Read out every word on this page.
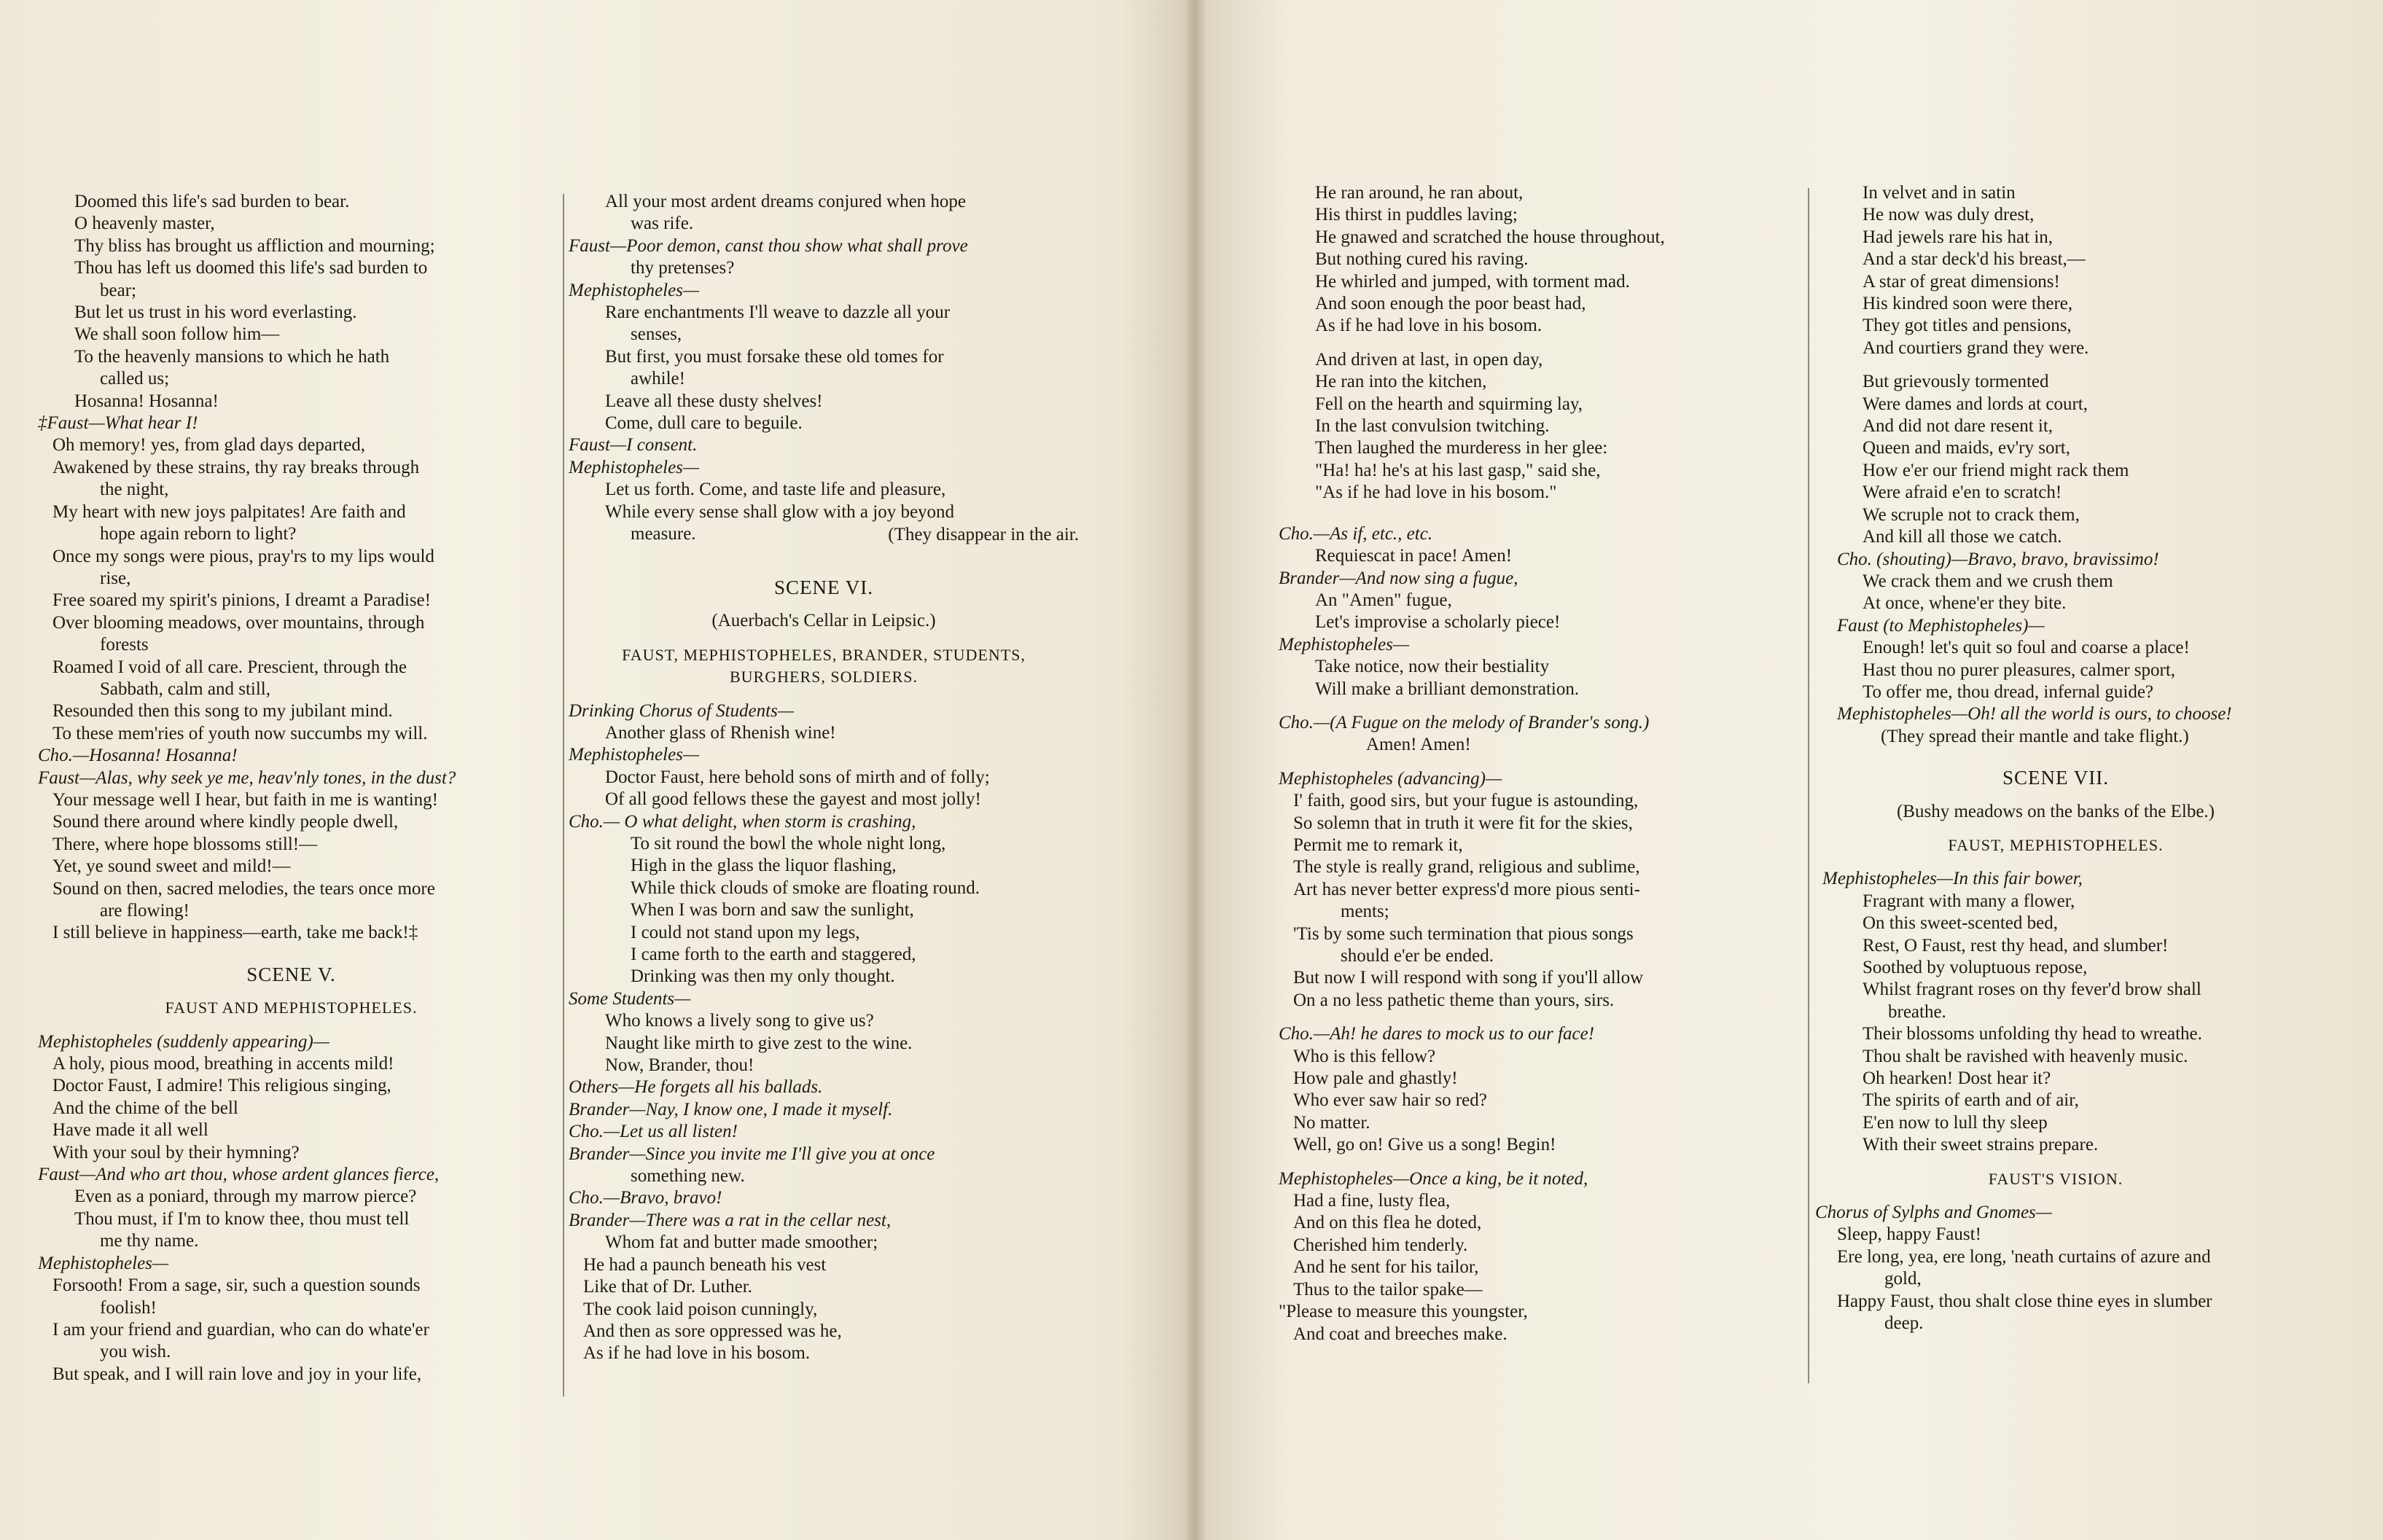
Doomed this life's sad burden to bear.
O heavenly master,
Thy bliss has brought us affliction and mourning;
Thou has left us doomed this life's sad burden to
bear;
But let us trust in his word everlasting.
We shall soon follow him—
To the heavenly mansions to which he hath
called us;
Hosanna! Hosanna!
‡Faust—What hear I!
Oh memory! yes, from glad days departed,
Awakened by these strains, thy ray breaks through
the night,
My heart with new joys palpitates! Are faith and
hope again reborn to light?
Once my songs were pious, pray'rs to my lips would
rise,
Free soared my spirit's pinions, I dreamt a Paradise!
Over blooming meadows, over mountains, through
forests
Roamed I void of all care. Prescient, through the
Sabbath, calm and still,
Resounded then this song to my jubilant mind.
To these mem'ries of youth now succumbs my will.
Cho.—Hosanna! Hosanna!
Faust—Alas, why seek ye me, heav'nly tones, in the dust?
Your message well I hear, but faith in me is wanting!
Sound there around where kindly people dwell,
There, where hope blossoms still!—
Yet, ye sound sweet and mild!—
Sound on then, sacred melodies, the tears once more
are flowing!
I still believe in happiness—earth, take me back!‡
SCENE V.
FAUST AND MEPHISTOPHELES.
Mephistopheles (suddenly appearing)—
A holy, pious mood, breathing in accents mild!
Doctor Faust, I admire! This religious singing,
And the chime of the bell
Have made it all well
With your soul by their hymning?
Faust—And who art thou, whose ardent glances fierce,
Even as a poniard, through my marrow pierce?
Thou must, if I'm to know thee, thou must tell
me thy name.
Mephistopheles—
Forsooth! From a sage, sir, such a question sounds
foolish!
I am your friend and guardian, who can do whate'er
you wish.
But speak, and I will rain love and joy in your life,
All your most ardent dreams conjured when hope
was rife.
Faust—Poor demon, canst thou show what shall prove
thy pretenses?
Mephistopheles—
Rare enchantments I'll weave to dazzle all your
senses,
But first, you must forsake these old tomes for
awhile!
Leave all these dusty shelves!
Come, dull care to beguile.
Faust—I consent.
Mephistopheles—
Let us forth. Come, and taste life and pleasure,
While every sense shall glow with a joy beyond
measure.	(They disappear in the air.
SCENE VI.
(Auerbach's Cellar in Leipsic.)
FAUST, MEPHISTOPHELES, BRANDER, STUDENTS,
BURGHERS, SOLDIERS.
Drinking Chorus of Students—
Another glass of Rhenish wine!
Mephistopheles—
Doctor Faust, here behold sons of mirth and of folly;
Of all good fellows these the gayest and most jolly!
Cho.— O what delight, when storm is crashing,
To sit round the bowl the whole night long,
High in the glass the liquor flashing,
While thick clouds of smoke are floating round.
When I was born and saw the sunlight,
I could not stand upon my legs,
I came forth to the earth and staggered,
Drinking was then my only thought.
Some Students—
Who knows a lively song to give us?
Naught like mirth to give zest to the wine.
Now, Brander, thou!
Others—He forgets all his ballads.
Brander—Nay, I know one, I made it myself.
Cho.—Let us all listen!
Brander—Since you invite me I'll give you at once
something new.
Cho.—Bravo, bravo!
Brander—There was a rat in the cellar nest,
Whom fat and butter made smoother;
He had a paunch beneath his vest
Like that of Dr. Luther.
The cook laid poison cunningly,
And then as sore oppressed was he,
As if he had love in his bosom.
He ran around, he ran about,
His thirst in puddles laving;
He gnawed and scratched the house throughout,
But nothing cured his raving.
He whirled and jumped, with torment mad.
And soon enough the poor beast had,
As if he had love in his bosom.
And driven at last, in open day,
He ran into the kitchen,
Fell on the hearth and squirming lay,
In the last convulsion twitching.
Then laughed the murderess in her glee:
"Ha! ha! he's at his last gasp," said she,
"As if he had love in his bosom."
Cho.—As if, etc., etc.
Requiescat in pace! Amen!
Brander—And now sing a fugue,
An "Amen" fugue,
Let's improvise a scholarly piece!
Mephistopheles—
Take notice, now their bestiality
Will make a brilliant demonstration.
Cho.—(A Fugue on the melody of Brander's song.)
Amen! Amen!
Mephistopheles (advancing)—
I' faith, good sirs, but your fugue is astounding,
So solemn that in truth it were fit for the skies,
Permit me to remark it,
The style is really grand, religious and sublime,
Art has never better express'd more pious senti-
ments;
'Tis by some such termination that pious songs
should e'er be ended.
But now I will respond with song if you'll allow
On a no less pathetic theme than yours, sirs.
Cho.—Ah! he dares to mock us to our face!
Who is this fellow?
How pale and ghastly!
Who ever saw hair so red?
No matter.
Well, go on! Give us a song! Begin!
Mephistopheles—Once a king, be it noted,
Had a fine, lusty flea,
And on this flea he doted,
Cherished him tenderly.
And he sent for his tailor,
Thus to the tailor spake—
"Please to measure this youngster,
And coat and breeches make.
In velvet and in satin
He now was duly drest,
Had jewels rare his hat in,
And a star deck'd his breast,—
A star of great dimensions!
His kindred soon were there,
They got titles and pensions,
And courtiers grand they were.
But grievously tormented
Were dames and lords at court,
And did not dare resent it,
Queen and maids, ev'ry sort,
How e'er our friend might rack them
Were afraid e'en to scratch!
We scruple not to crack them,
And kill all those we catch.
Cho. (shouting)—Bravo, bravo, bravissimo!
We crack them and we crush them
At once, whene'er they bite.
Faust (to Mephistopheles)—
Enough! let's quit so foul and coarse a place!
Hast thou no purer pleasures, calmer sport,
To offer me, thou dread, infernal guide?
Mephistopheles—Oh! all the world is ours, to choose!
(They spread their mantle and take flight.)
SCENE VII.
(Bushy meadows on the banks of the Elbe.)
FAUST, MEPHISTOPHELES.
Mephistopheles—In this fair bower,
Fragrant with many a flower,
On this sweet-scented bed,
Rest, O Faust, rest thy head, and slumber!
Soothed by voluptuous repose,
Whilst fragrant roses on thy fever'd brow shall
breathe.
Their blossoms unfolding thy head to wreathe.
Thou shalt be ravished with heavenly music.
Oh hearken! Dost hear it?
The spirits of earth and of air,
E'en now to lull thy sleep
With their sweet strains prepare.
FAUST'S VISION.
Chorus of Sylphs and Gnomes—
Sleep, happy Faust!
Ere long, yea, ere long, 'neath curtains of azure and
gold,
Happy Faust, thou shalt close thine eyes in slumber
deep.
